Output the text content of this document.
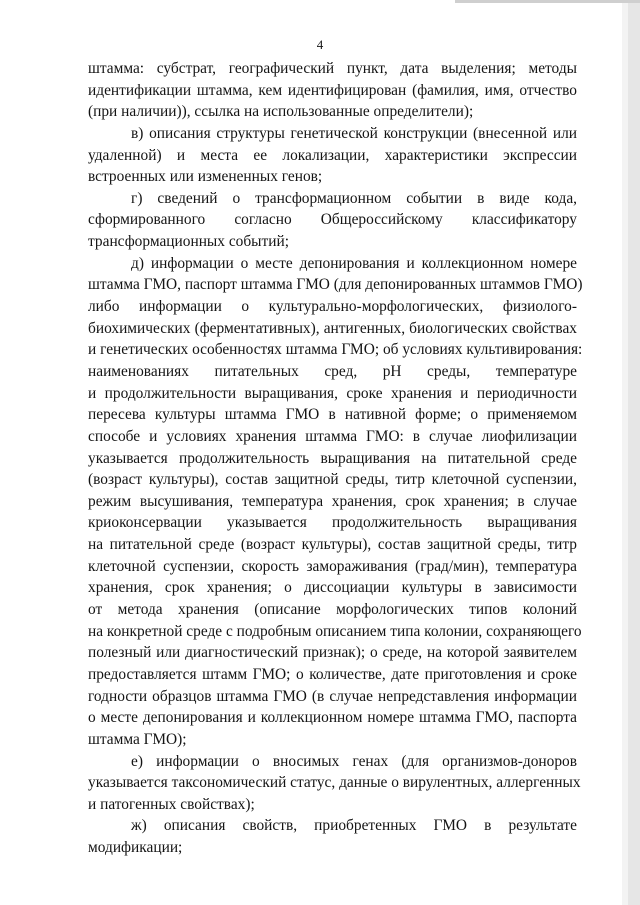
4

штамма: субстрат, географический пункт, дата выделения; методы
идентификации штамма, кем идентифицирован (фамилия, имя, отчество
(при наличии)), ссылка на использованные определители);

в) описания структуры генетической конструкции (внесенной или
удаленной) и места ее локализации, характеристики экспрессии
встроенных или измененных генов;

г) сведений о трансформационном событии в виде кода,
сформированного согласно Общероссийскому классификатору
трансформационных событий;

д) информации о месте депонирования и коллекционном номере
штамма ГМО, паспорт штамма ГМО (для депонированных штаммов ГМО)
либо информации о культурально-морфологических, физиолого-
биохимических (ферментативных), антигенных, биологических свойствах
и генетических особенностях штамма ГМО; об условиях культивирования:
наименованиях питательных сред, рН среды, температуре
и продолжительности выращивания, сроке хранения и периодичности
пересева культуры штамма ГМО в нативной форме; о применяемом
способе и условиях хранения штамма ГМО: в случае лиофилизации
указывается продолжительность выращивания на питательной среде
(возраст культуры), состав защитной среды, титр клеточной суспензии,
режим высушивания, температура хранения, срок хранения; в случае
криоконсервации указывается продолжительность выращивания
на питательной среде (возраст культуры), состав защитной среды, титр
клеточной суспензии, скорость замораживания (град/мин), температура
хранения, срок хранения; о диссоциации культуры в зависимости
от метода хранения (описание морфологических типов колоний
на конкретной среде с подробным описанием типа колонии, сохраняющего
полезный или диагностический признак); о среде, на которой заявителем
предоставляется штамм ГМО; о количестве, дате приготовления и сроке
годности образцов штамма ГМО (в случае непредставления информации
о месте депонирования и коллекционном номере штамма ГМО, паспорта
штамма ГМО);

е) информации о вносимых генах (для организмов-доноров
указывается таксономический статус, данные о вирулентных, аллергенных
и патогенных свойствах);

ж) описания свойств, приобретенных ГМО в результате
модификации;
